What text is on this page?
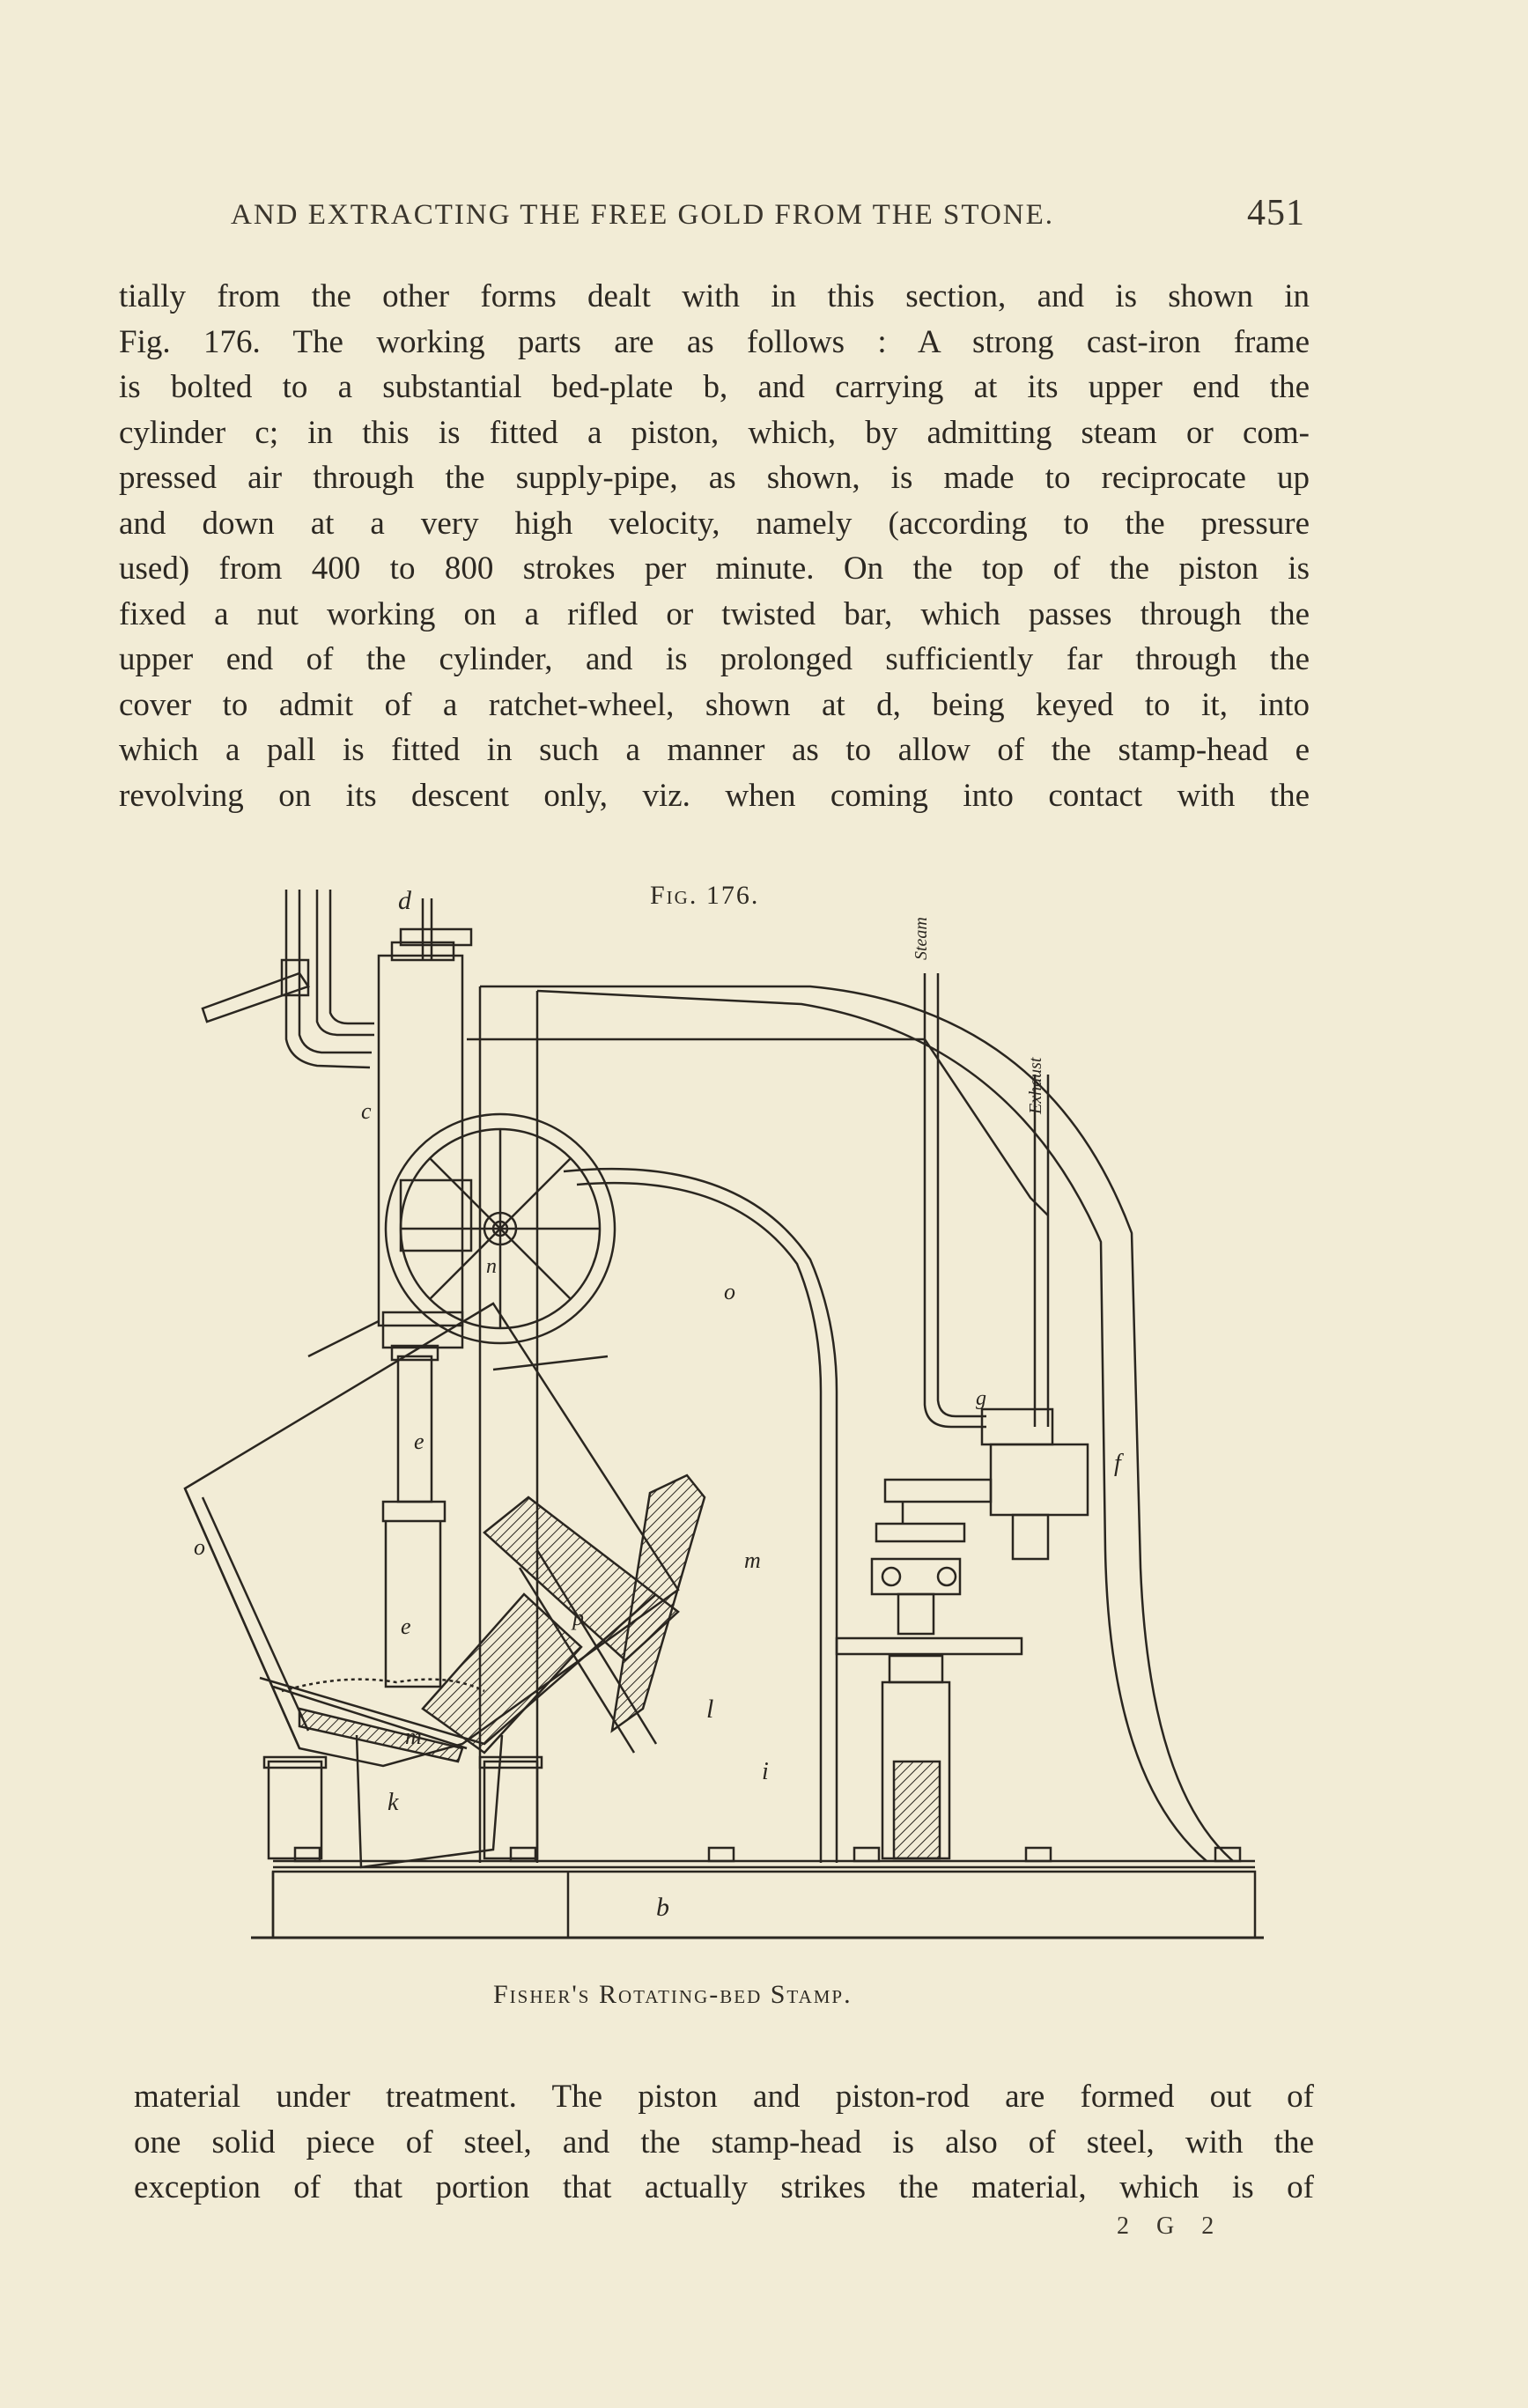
AND EXTRACTING THE FREE GOLD FROM THE STONE.	451
tially from the other forms dealt with in this section, and is shown in
Fig. 176. The working parts are as follows : A strong cast-iron frame
is bolted to a substantial bed-plate b, and carrying at its upper end the
cylinder c; in this is fitted a piston, which, by admitting steam or com-
pressed air through the supply-pipe, as shown, is made to reciprocate up
and down at a very high velocity, namely (according to the pressure
used) from 400 to 800 strokes per minute. On the top of the piston is
fixed a nut working on a rifled or twisted bar, which passes through the
upper end of the cylinder, and is prolonged sufficiently far through the
cover to admit of a ratchet-wheel, shown at d, being keyed to it, into
which a pall is fitted in such a manner as to allow of the stamp-head e
revolving on its descent only, viz. when coming into contact with the
Fig. 176.
d
c
n
o
o
e
e
m
m
p
l
i
k
b
g
f
Steam
Exhaust
Fisher's Rotating-bed Stamp.
material under treatment. The piston and piston-rod are formed out of
one solid piece of steel, and the stamp-head is also of steel, with the
exception of that portion that actually strikes the material, which is of
2 G 2
